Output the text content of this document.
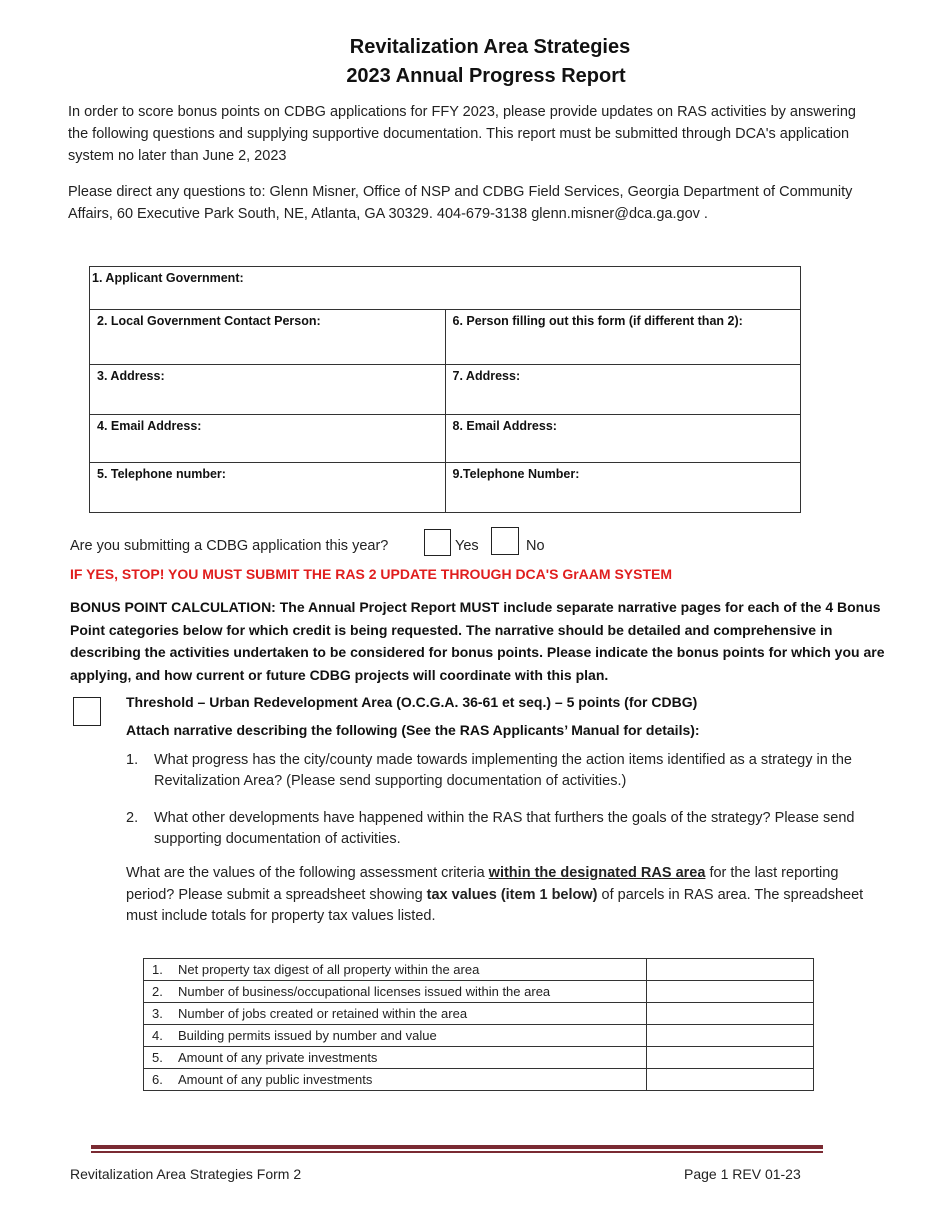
Revitalization Area Strategies
2023 Annual Progress Report
In order to score bonus points on CDBG applications for FFY 2023, please provide updates on RAS activities by answering the following questions and supplying supportive documentation. This report must be submitted through DCA's application system no later than June 2, 2023
Please direct any questions to: Glenn Misner, Office of NSP and CDBG Field Services, Georgia Department of Community Affairs, 60 Executive Park South, NE, Atlanta, GA 30329. 404-679-3138 glenn.misner@dca.ga.gov .
1. Applicant Government:	
2. Local Government Contact Person:	6. Person filling out this form (if different than 2):
3. Address:	7. Address:
4. Email Address:	8. Email Address:
5. Telephone number:	9.Telephone Number:
Are you submitting a CDBG application this year?	Yes	No
IF YES, STOP! YOU MUST SUBMIT THE RAS 2 UPDATE THROUGH DCA'S GrAAM SYSTEM
BONUS POINT CALCULATION: The Annual Project Report MUST include separate narrative pages for each of the 4 Bonus Point categories below for which credit is being requested. The narrative should be detailed and comprehensive in describing the activities undertaken to be considered for bonus points. Please indicate the bonus points for which you are applying, and how current or future CDBG projects will coordinate with this plan.
Threshold – Urban Redevelopment Area (O.C.G.A. 36-61 et seq.) – 5 points (for CDBG)
Attach narrative describing the following (See the RAS Applicants’ Manual for details):
1. What progress has the city/county made towards implementing the action items identified as a strategy in the Revitalization Area? (Please send supporting documentation of activities.)
2. What other developments have happened within the RAS that furthers the goals of the strategy? Please send supporting documentation of activities.
What are the values of the following assessment criteria within the designated RAS area for the last reporting period? Please submit a spreadsheet showing tax values (item 1 below) of parcels in RAS area. The spreadsheet must include totals for property tax values listed.
1. Net property tax digest of all property within the area	
2. Number of business/occupational licenses issued within the area	
3. Number of jobs created or retained within the area	
4. Building permits issued by number and value	
5. Amount of any private investments	
6. Amount of any public investments	
Revitalization Area Strategies Form 2	Page 1 REV 01-23
